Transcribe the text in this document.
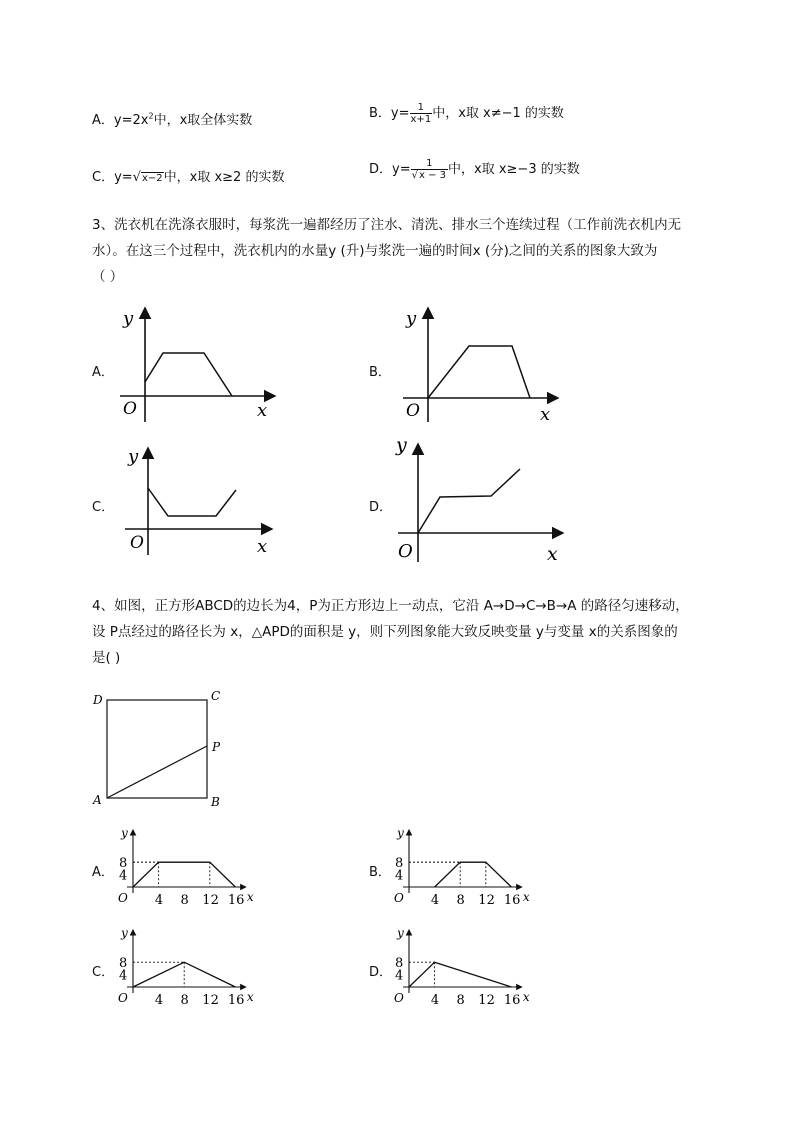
A．$y=2x^2$中，x取全体实数	B．$y= \frac{1}{x+1}$ 中，x取 x≠−1 的实数
C．y=√x−2中，x取 x≥2 的实数
D．$y= \frac{1}{√x - 3}$ 中，x取 x≥−3 的实数
3、洗衣机在洗涤衣服时，每浆洗一遍都经历了注水、清洗、排水三个连续过程（工作前洗衣机内无
水）。在这三个过程中，洗衣机内的水量y (升)与浆洗一遍的时间x (分)之间的关系的图象大致为
（ ）
A．	B．
C．	D．
y
x
O
y
x
O
y
x
O
y
x
O
4、如图，正方形ABCD的边长为4，P为正方形边上一动点，它沿 A→D→C→B→A 的路径匀速移动，
设 P点经过的路径长为 x，△APD的面积是 y，则下列图象能大致反映变量 y与变量 x的关系图象的
是( )
D	C
P
A	B
A．	B．
C．	D．
8
4
4 8 12 16
O
y
x
8
4
4 8 12 16
O
y
x
8
4
4 8 12 16
O
y
x
8
4
4 8 12 16
O
y
x
